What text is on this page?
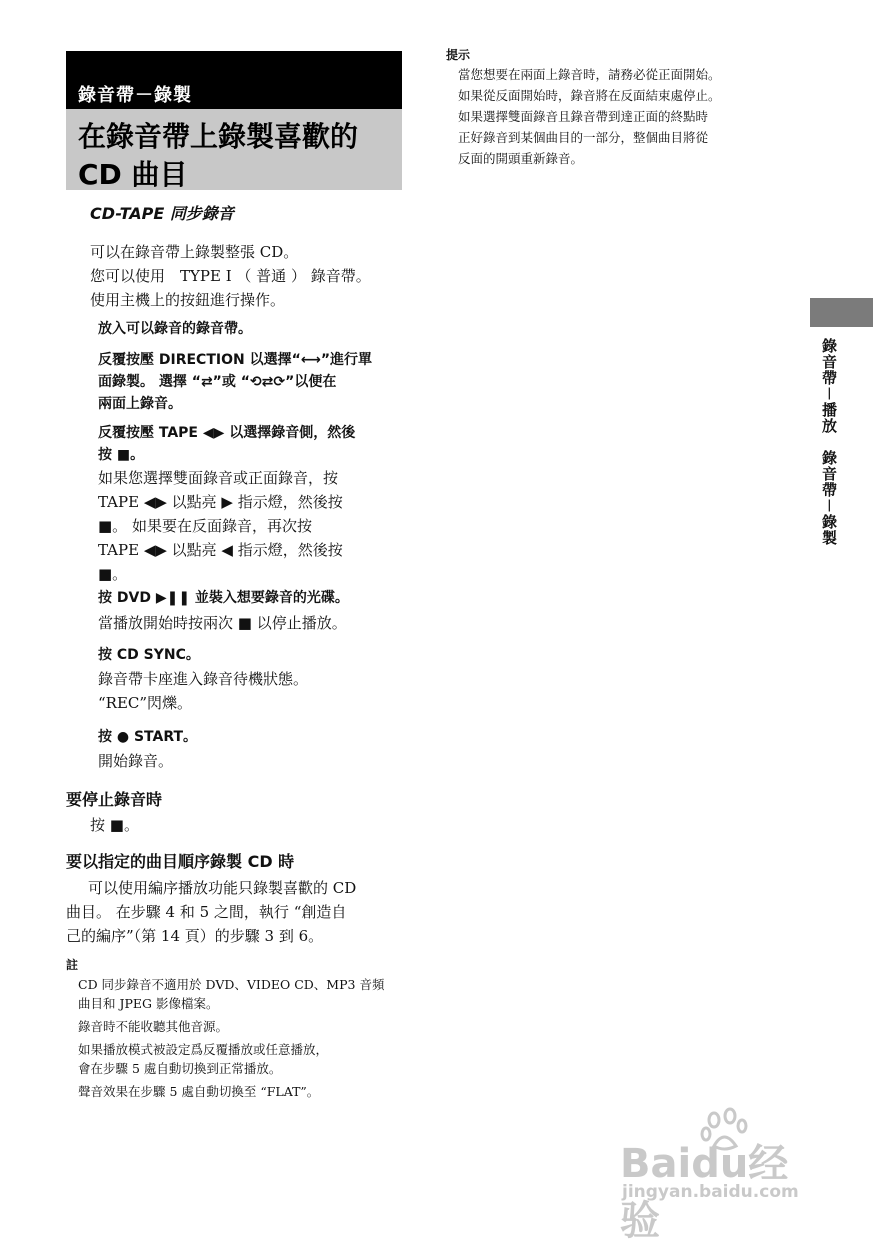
錄音帶－錄製
在錄音帶上錄製喜歡的
CD 曲目
CD-TAPE 同步錄音
可以在錄音帶上錄製整張 CD。
您可以使用　TYPE I （ 普通 ） 錄音帶。
使用主機上的按鈕進行操作。
放入可以錄音的錄音帶。
反覆按壓 DIRECTION 以選擇“⟷”進行單
面錄製。 選擇 “⇄”或 “⟲⇄⟳”以便在
兩面上錄音。
反覆按壓 TAPE ◀▶ 以選擇錄音側，然後
按 ■。
如果您選擇雙面錄音或正面錄音，按
TAPE ◀▶ 以點亮 ▶ 指示燈，然後按
■。 如果要在反面錄音，再次按
TAPE ◀▶ 以點亮 ◀ 指示燈，然後按
■。
按 DVD ▶❚❚ 並裝入想要錄音的光碟。
當播放開始時按兩次 ■ 以停止播放。
按 CD SYNC。
錄音帶卡座進入錄音待機狀態。
“REC”閃爍。
按 ● START。
開始錄音。
要停止錄音時
按 ■。
要以指定的曲目順序錄製 CD 時
可以使用編序播放功能只錄製喜歡的 CD
曲目。 在步驟 4 和 5 之間，執行 “創造自
己的編序”（第 14 頁）的步驟 3 到 6。
註
CD 同步錄音不適用於 DVD、VIDEO CD、MP3 音頻
曲目和 JPEG 影像檔案。
錄音時不能收聽其他音源。
如果播放模式被設定爲反覆播放或任意播放，
會在步驟 5 處自動切換到正常播放。
聲音效果在步驟 5 處自動切換至 “FLAT”。
提示
當您想要在兩面上錄音時，請務必從正面開始。
如果從反面開始時，錄音將在反面結束處停止。
如果選擇雙面錄音且錄音帶到達正面的終點時
正好錄音到某個曲目的一部分，整個曲目將從
反面的開頭重新錄音。
錄音帶－播放　錄音帶－錄製
Baidu经验
jingyan.baidu.com
